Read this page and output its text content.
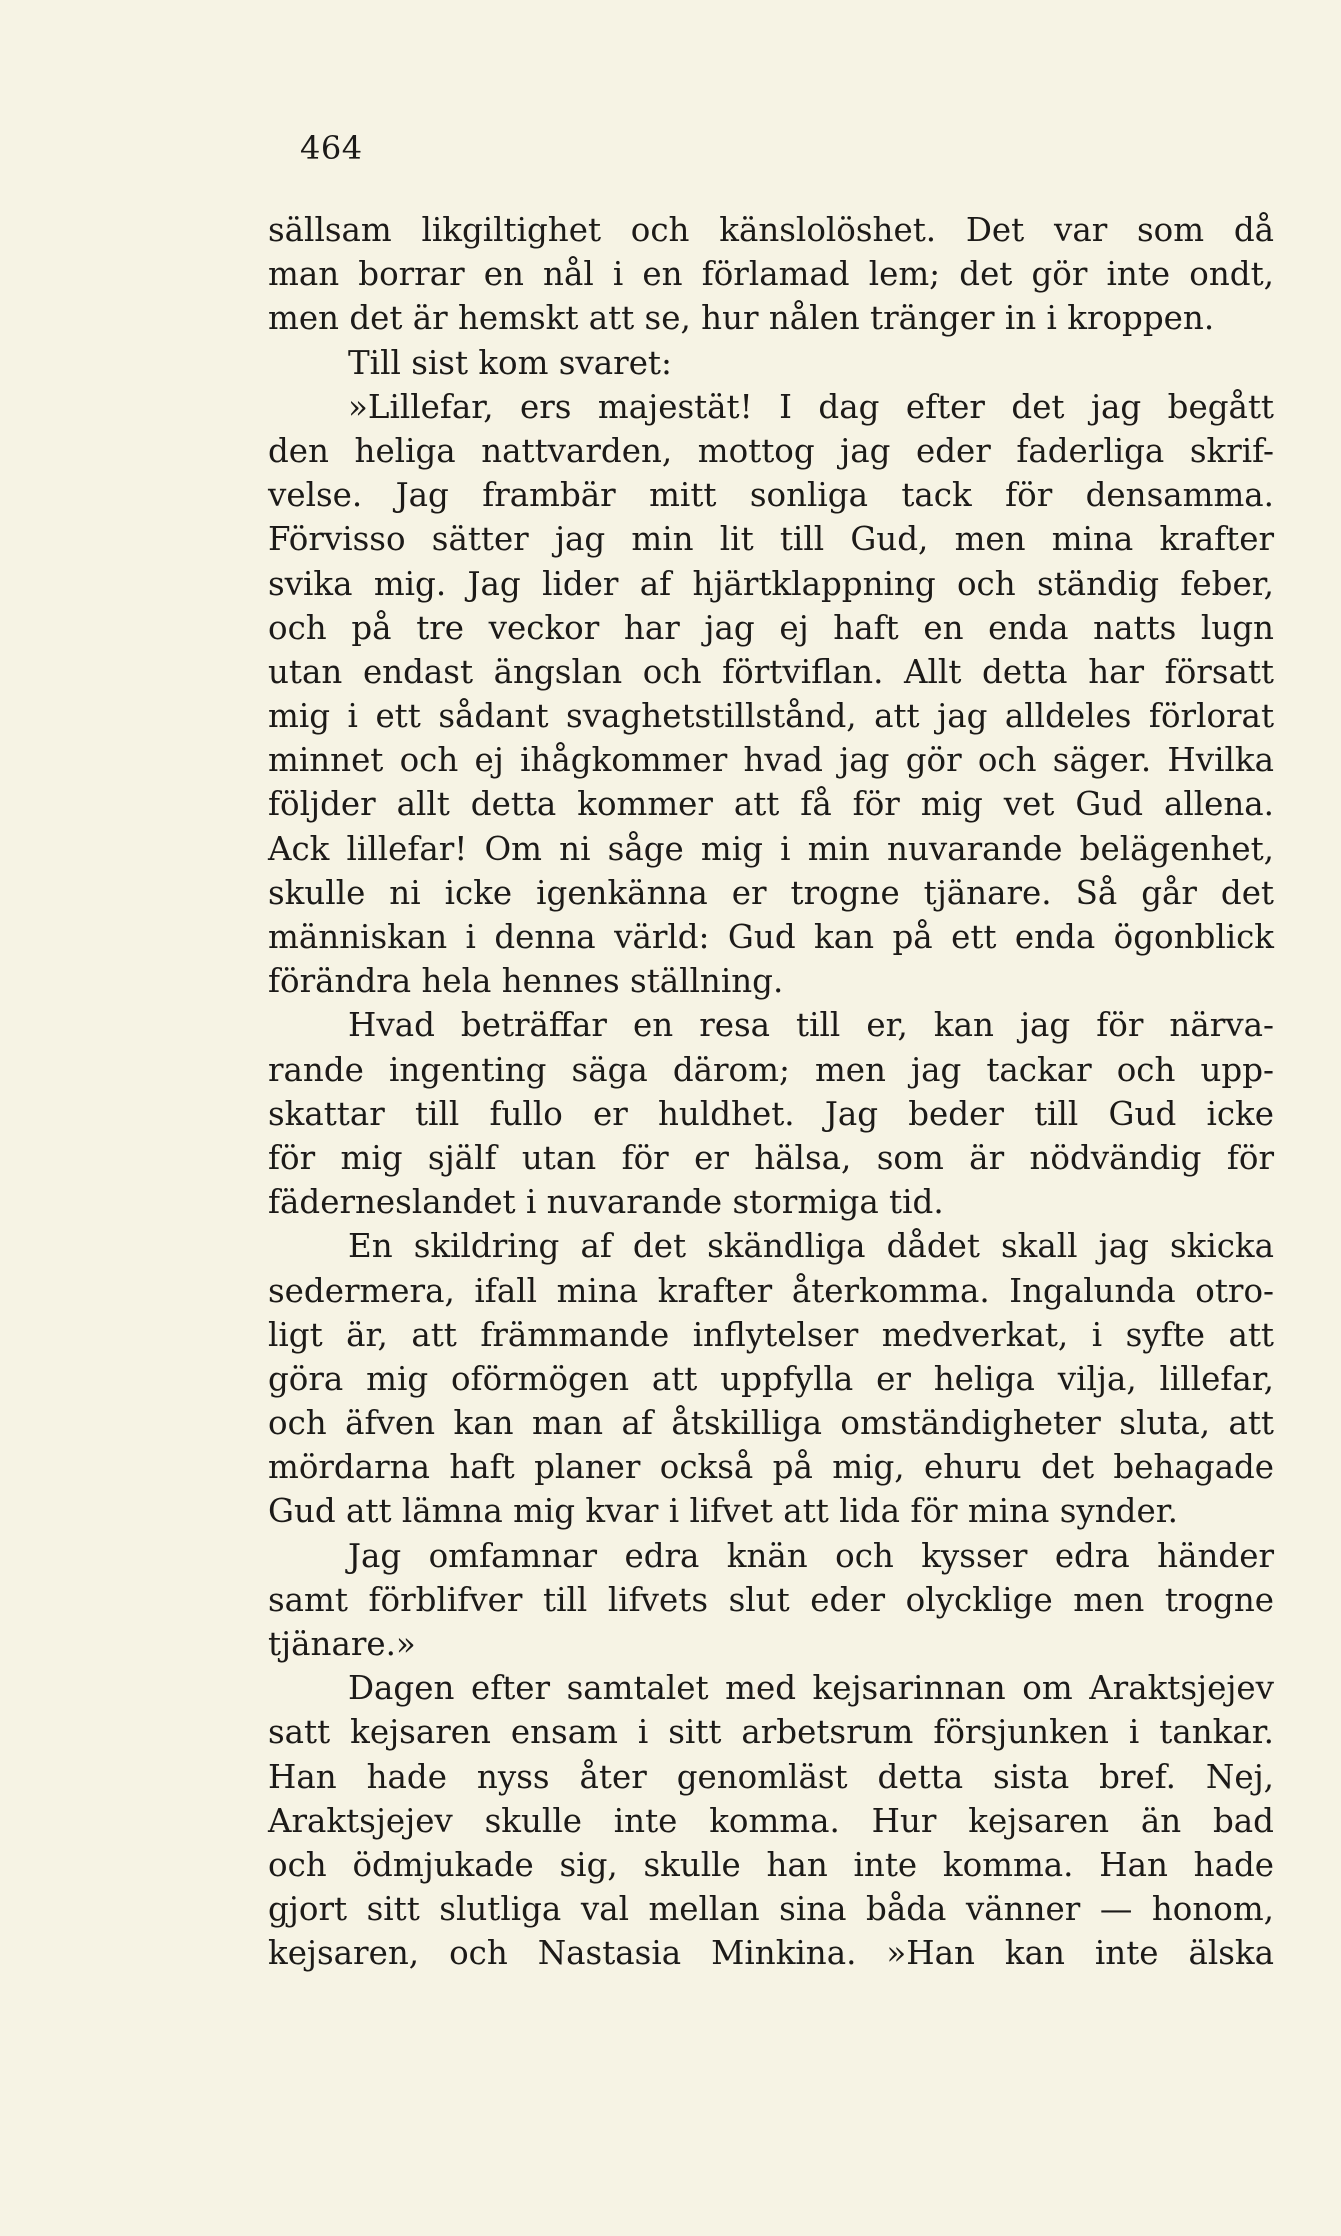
464
sällsam likgiltighet och känslolöshet. Det var som då
man borrar en nål i en förlamad lem; det gör inte ondt,
men det är hemskt att se, hur nålen tränger in i kroppen.
Till sist kom svaret:
»Lillefar, ers majestät! I dag efter det jag begått
den heliga nattvarden, mottog jag eder faderliga skrif-
velse. Jag frambär mitt sonliga tack för densamma.
Förvisso sätter jag min lit till Gud, men mina krafter
svika mig. Jag lider af hjärtklappning och ständig feber,
och på tre veckor har jag ej haft en enda natts lugn
utan endast ängslan och förtviflan. Allt detta har försatt
mig i ett sådant svaghetstillstånd, att jag alldeles förlorat
minnet och ej ihågkommer hvad jag gör och säger. Hvilka
följder allt detta kommer att få för mig vet Gud allena.
Ack lillefar! Om ni såge mig i min nuvarande belägenhet,
skulle ni icke igenkänna er trogne tjänare. Så går det
människan i denna värld: Gud kan på ett enda ögonblick
förändra hela hennes ställning.
Hvad beträffar en resa till er, kan jag för närva-
rande ingenting säga därom; men jag tackar och upp-
skattar till fullo er huldhet. Jag beder till Gud icke
för mig själf utan för er hälsa, som är nödvändig för
fäderneslandet i nuvarande stormiga tid.
En skildring af det skändliga dådet skall jag skicka
sedermera, ifall mina krafter återkomma. Ingalunda otro-
ligt är, att främmande inflytelser medverkat, i syfte att
göra mig oförmögen att uppfylla er heliga vilja, lillefar,
och äfven kan man af åtskilliga omständigheter sluta, att
mördarna haft planer också på mig, ehuru det behagade
Gud att lämna mig kvar i lifvet att lida för mina synder.
Jag omfamnar edra knän och kysser edra händer
samt förblifver till lifvets slut eder olycklige men trogne
tjänare.»
Dagen efter samtalet med kejsarinnan om Araktsjejev
satt kejsaren ensam i sitt arbetsrum försjunken i tankar.
Han hade nyss åter genomläst detta sista bref. Nej,
Araktsjejev skulle inte komma. Hur kejsaren än bad
och ödmjukade sig, skulle han inte komma. Han hade
gjort sitt slutliga val mellan sina båda vänner — honom,
kejsaren, och Nastasia Minkina. »Han kan inte älska
